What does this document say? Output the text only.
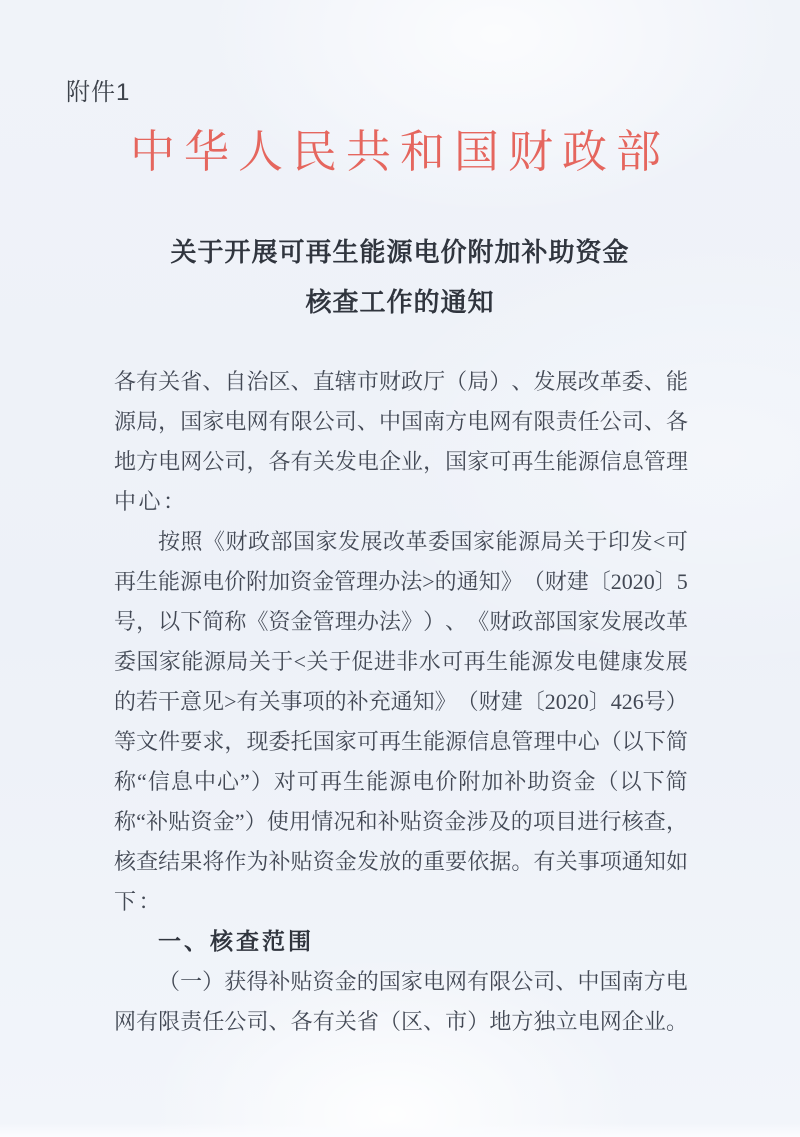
附件1
中华人民共和国财政部
关于开展可再生能源电价附加补助资金
核查工作的通知
各 有 关 省 、 自 治 区 、 直 辖 市 财 政 厅 （ 局 ） 、 发 展 改 革 委 、 能
源 局 ， 国 家 电 网 有 限 公 司 、 中 国 南 方 电 网 有 限 责 任 公 司 、 各
地 方 电 网 公 司 ， 各 有 关 发 电 企 业 ， 国 家 可 再 生 能 源 信 息 管 理
中心：
按 照 《 财 政 部 国 家 发 展 改 革 委 国 家 能 源 局 关 于 印 发 < 可
再 生 能 源 电 价 附 加 资 金 管 理 办 法 > 的 通 知 》 （ 财 建 〔 2 0 2 0 〕 5
号 ， 以 下 简 称 《 资 金 管 理 办 法 》 ） 、 《 财 政 部 国 家 发 展 改 革
委 国 家 能 源 局 关 于 < 关 于 促 进 非 水 可 再 生 能 源 发 电 健 康 发 展
的 若 干 意 见 > 有 关 事 项 的 补 充 通 知 》 （ 财 建 〔 2 0 2 0 〕 4 2 6 号 ）
等 文 件 要 求 ， 现 委 托 国 家 可 再 生 能 源 信 息 管 理 中 心 （ 以 下 简
称 “ 信 息 中 心 ” ） 对 可 再 生 能 源 电 价 附 加 补 助 资 金 （ 以 下 简
称 “ 补 贴 资 金 ” ） 使 用 情 况 和 补 贴 资 金 涉 及 的 项 目 进 行 核 查 ，
核 查 结 果 将 作 为 补 贴 资 金 发 放 的 重 要 依 据 。 有 关 事 项 通 知 如
下：
一、核查范围
（ 一 ） 获 得 补 贴 资 金 的 国 家 电 网 有 限 公 司 、 中 国 南 方 电
网 有 限 责 任 公 司 、 各 有 关 省 （ 区 、 市 ） 地 方 独 立 电 网 企 业 。
